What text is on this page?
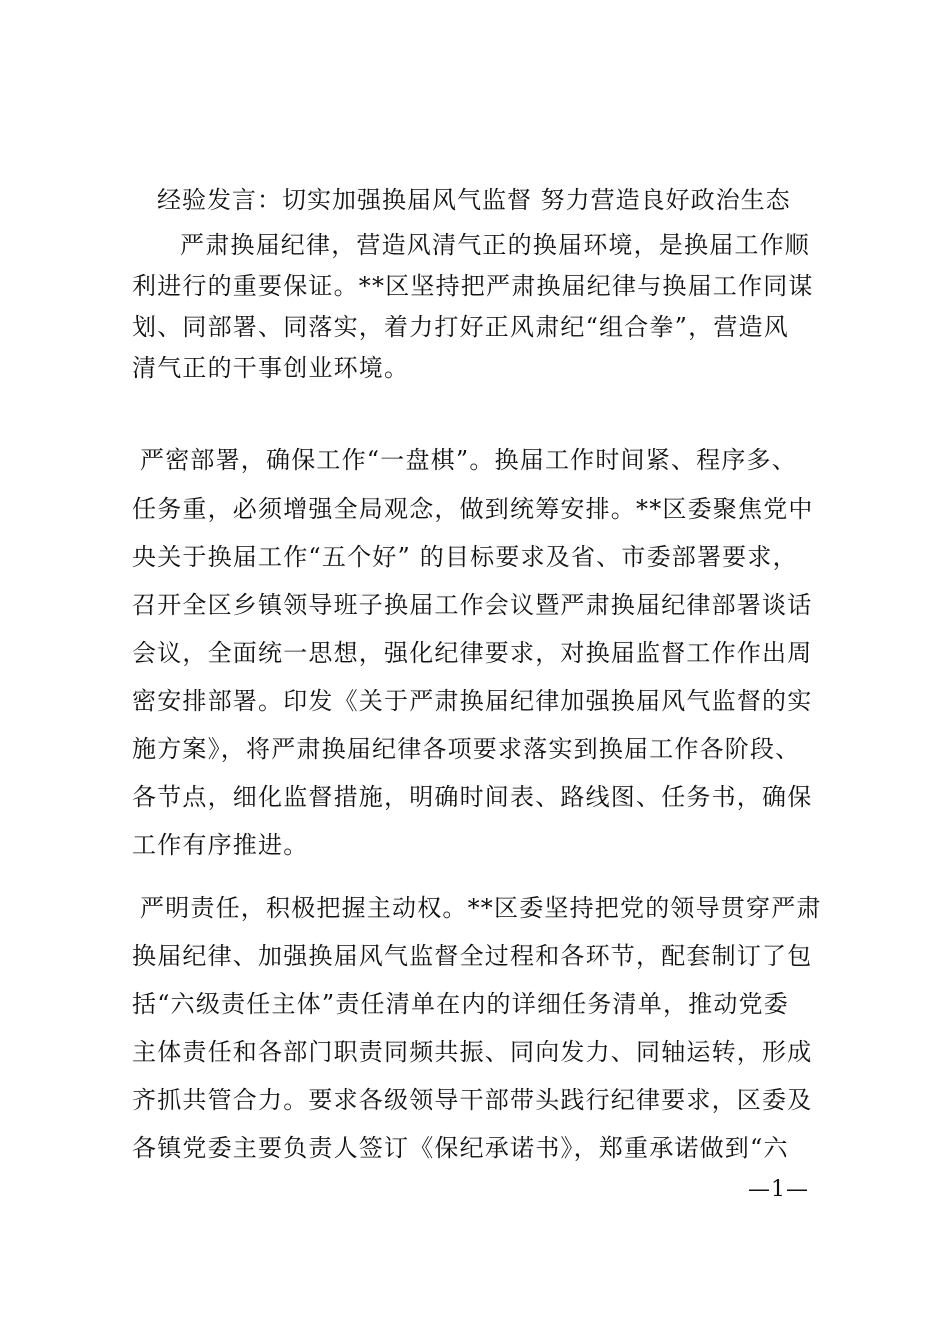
经验发言：切实加强换届风气监督 努力营造良好政治生态
严肃换届纪律，营造风清气正的换届环境，是换届工作顺
利进行的重要保证。**区坚持把严肃换届纪律与换届工作同谋
划、同部署、同落实，着力打好正风肃纪“组合拳”，营造风
清气正的干事创业环境。
严密部署，确保工作“一盘棋”。换届工作时间紧、程序多、
任务重，必须增强全局观念，做到统筹安排。**区委聚焦党中
央关于换届工作“五个好” 的目标要求及省、市委部署要求，
召开全区乡镇领导班子换届工作会议暨严肃换届纪律部署谈话
会议，全面统一思想，强化纪律要求，对换届监督工作作出周
密安排部署。印发《关于严肃换届纪律加强换届风气监督的实
施方案》，将严肃换届纪律各项要求落实到换届工作各阶段、
各节点，细化监督措施，明确时间表、路线图、任务书，确保
工作有序推进。
严明责任，积极把握主动权。**区委坚持把党的领导贯穿严肃
换届纪律、加强换届风气监督全过程和各环节，配套制订了包
括“六级责任主体”责任清单在内的详细任务清单，推动党委
主体责任和各部门职责同频共振、同向发力、同轴运转，形成
齐抓共管合力。要求各级领导干部带头践行纪律要求，区委及
各镇党委主要负责人签订《保纪承诺书》，郑重承诺做到“六
—1—
